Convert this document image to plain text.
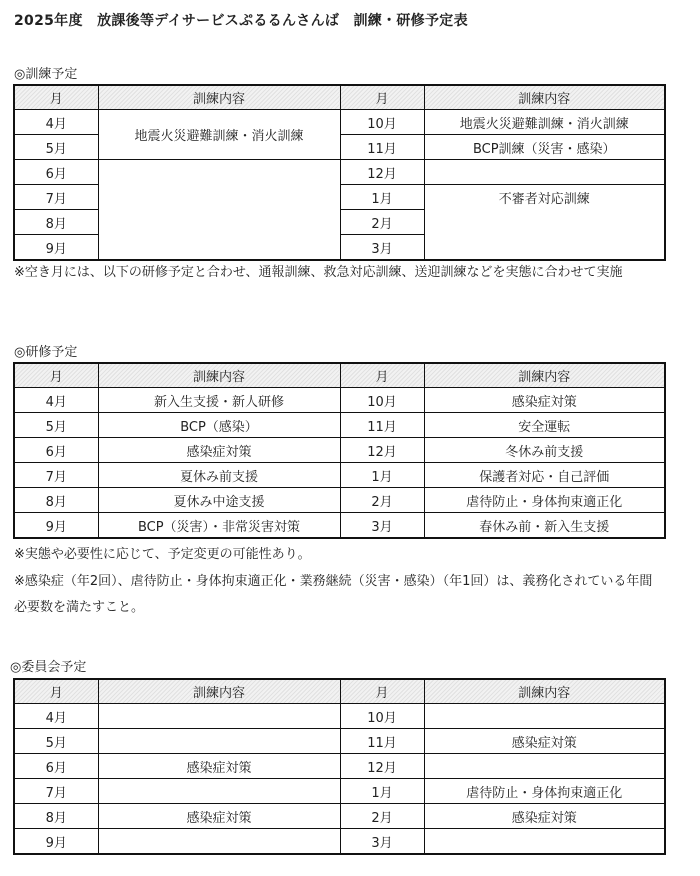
2025年度　放課後等デイサービスぷるるんさんば　訓練・研修予定表
◎訓練予定
月	訓練内容	月	訓練内容
4月	地震火災避難訓練・消火訓練	10月	地震火災避難訓練・消火訓練
5月		11月	BCP訓練（災害・感染）
6月		12月	
7月		1月	不審者対応訓練
8月		2月	
9月		3月	
※空き月には、以下の研修予定と合わせ、通報訓練、救急対応訓練、送迎訓練などを実態に合わせて実施
◎研修予定
月	訓練内容	月	訓練内容
4月	新入生支援・新人研修	10月	感染症対策
5月	BCP（感染）	11月	安全運転
6月	感染症対策	12月	冬休み前支援
7月	夏休み前支援	1月	保護者対応・自己評価
8月	夏休み中途支援	2月	虐待防止・身体拘束適正化
9月	BCP（災害）・非常災害対策	3月	春休み前・新入生支援
※実態や必要性に応じて、予定変更の可能性あり。
※感染症（年2回）、虐待防止・身体拘束適正化・業務継続（災害・感染）（年1回）は、義務化されている年間必要数を満たすこと。
◎委員会予定
月	訓練内容	月	訓練内容
4月		10月	
5月		11月	感染症対策
6月	感染症対策	12月	
7月		1月	虐待防止・身体拘束適正化
8月	感染症対策	2月	感染症対策
9月		3月	
